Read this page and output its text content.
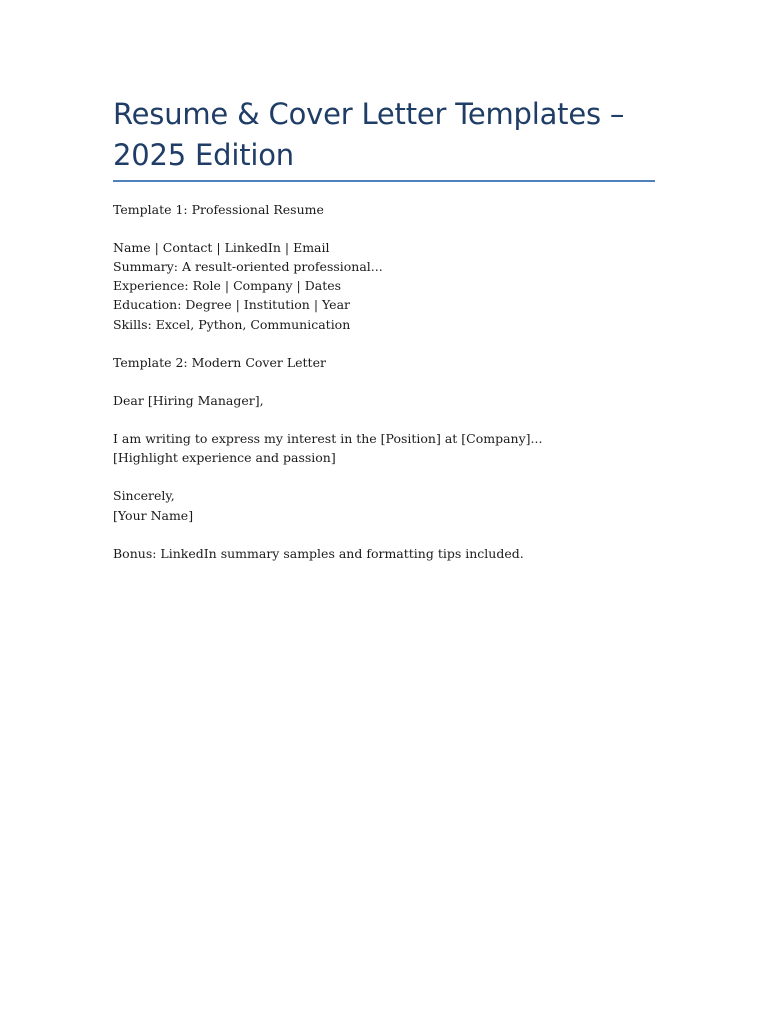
Resume & Cover Letter Templates –
2025 Edition
Template 1: Professional Resume
Name | Contact | LinkedIn | Email
Summary: A result-oriented professional...
Experience: Role | Company | Dates
Education: Degree | Institution | Year
Skills: Excel, Python, Communication
Template 2: Modern Cover Letter
Dear [Hiring Manager],
I am writing to express my interest in the [Position] at [Company]...
[Highlight experience and passion]
Sincerely,
[Your Name]
Bonus: LinkedIn summary samples and formatting tips included.
